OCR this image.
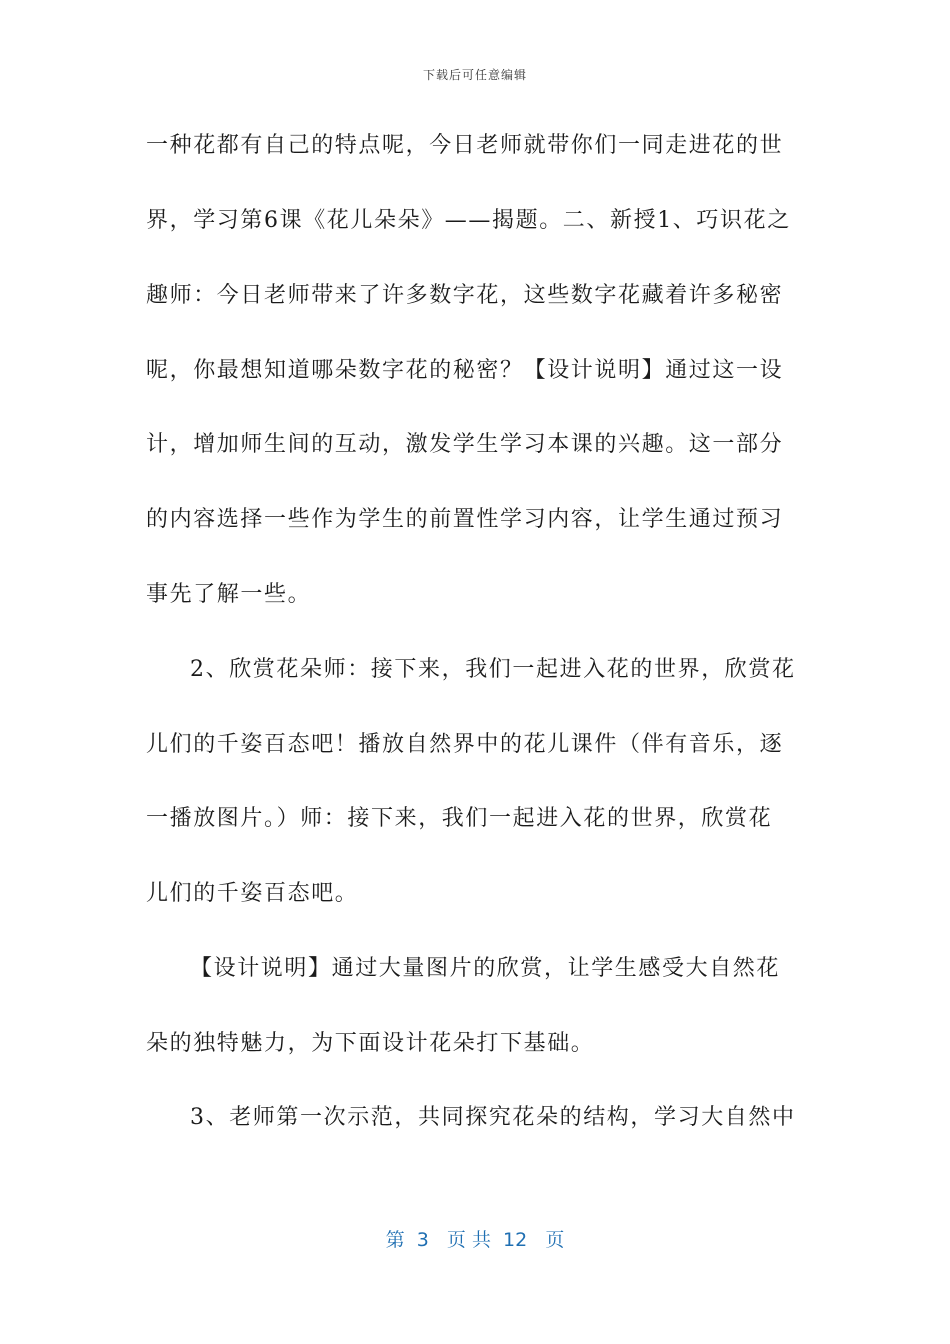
下载后可任意编辑
一种花都有自己的特点呢，今日老师就带你们一同走进花的世
界，学习第6课《花儿朵朵》——揭题。二、新授1、巧识花之
趣师：今日老师带来了许多数字花，这些数字花藏着许多秘密
呢，你最想知道哪朵数字花的秘密？【设计说明】通过这一设
计，增加师生间的互动，激发学生学习本课的兴趣。这一部分
的内容选择一些作为学生的前置性学习内容，让学生通过预习
事先了解一些。
2、欣赏花朵师：接下来，我们一起进入花的世界，欣赏花
儿们的千姿百态吧！播放自然界中的花儿课件（伴有音乐，逐
一播放图片。）师：接下来，我们一起进入花的世界，欣赏花
儿们的千姿百态吧。
【设计说明】通过大量图片的欣赏，让学生感受大自然花
朵的独特魅力，为下面设计花朵打下基础。
3、老师第一次示范，共同探究花朵的结构，学习大自然中
第  3   页 共  12   页
